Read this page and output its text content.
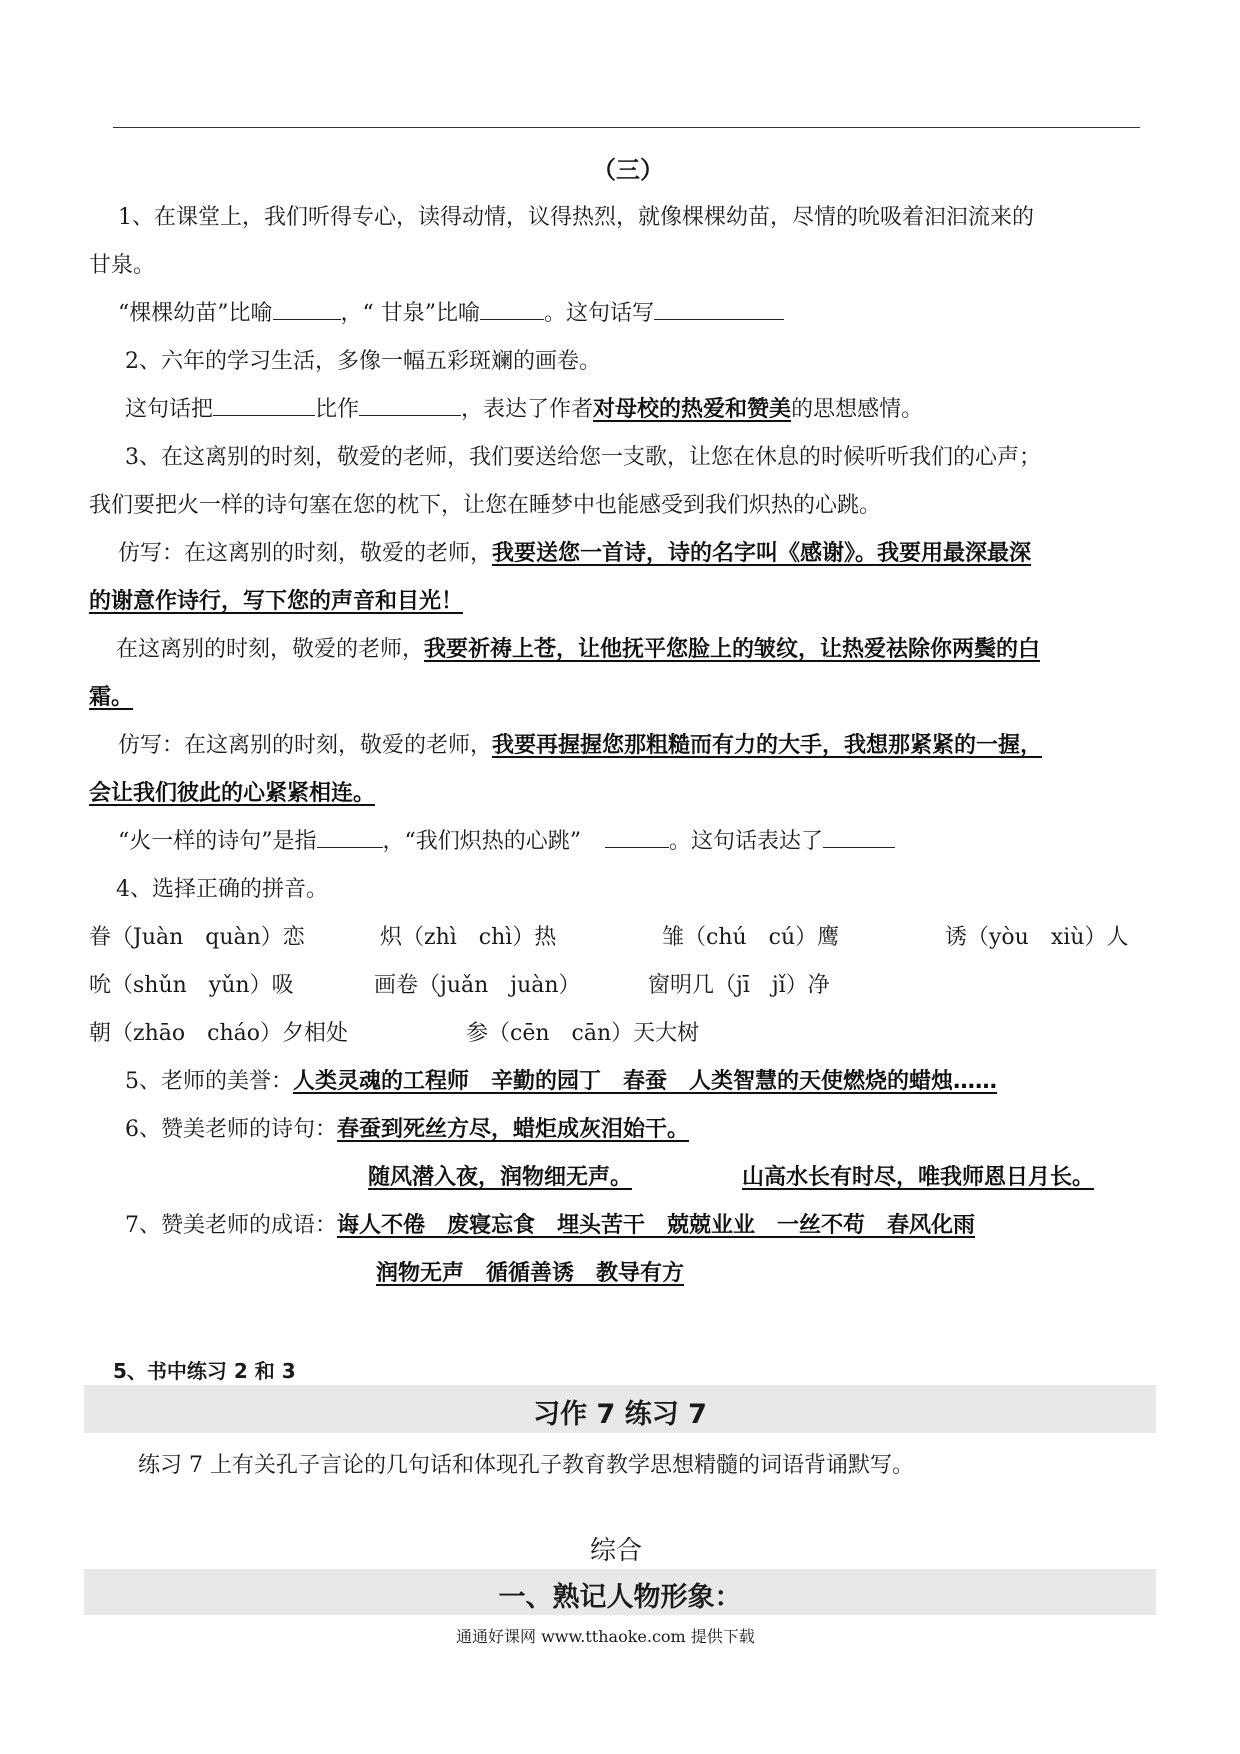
（三）
1、在课堂上，我们听得专心，读得动情，议得热烈，就像棵棵幼苗，尽情的吮吸着汩汩流来的
甘泉。
“棵棵幼苗”比喻	，“ 甘泉”比喻	。这句话写
2、六年的学习生活，多像一幅五彩斑斓的画卷。
这句话把	比作	，表达了作者对母校的热爱和赞美的思想感情。
3、在这离别的时刻，敬爱的老师，我们要送给您一支歌，让您在休息的时候听听我们的心声；
我们要把火一样的诗句塞在您的枕下，让您在睡梦中也能感受到我们炽热的心跳。
仿写：在这离别的时刻，敬爱的老师，我要送您一首诗，诗的名字叫《感谢》。我要用最深最深
的谢意作诗行，写下您的声音和目光！
在这离别的时刻，敬爱的老师，我要祈祷上苍，让他抚平您脸上的皱纹，让热爱祛除你两鬓的白
霜。
仿写：在这离别的时刻，敬爱的老师，我要再握握您那粗糙而有力的大手，我想那紧紧的一握，
会让我们彼此的心紧紧相连。
“火一样的诗句”是指	，“我们炽热的心跳”	。这句话表达了
4、选择正确的拼音。
眷（Juàn　quàn）恋	炽（zhì　chì）热	雏（chú　cú）鹰	诱（yòu　xiù）人
吮（shǔn　yǔn）吸	画卷（juǎn　juàn）	窗明几（jī　jǐ）净
朝（zhāo　cháo）夕相处	参（cēn　cān）天大树
5、老师的美誉：人类灵魂的工程师　辛勤的园丁　春蚕　人类智慧的天使燃烧的蜡烛……
6、赞美老师的诗句：春蚕到死丝方尽，蜡炬成灰泪始干。
随风潜入夜，润物细无声。	山高水长有时尽，唯我师恩日月长。
7、赞美老师的成语：诲人不倦　废寝忘食　埋头苦干　兢兢业业　一丝不苟　春风化雨
润物无声　循循善诱　教导有方
5、书中练习 2 和 3
习作 7 练习 7
练习 7 上有关孔子言论的几句话和体现孔子教育教学思想精髓的词语背诵默写。
综合
一、熟记人物形象：
通通好课网 www.tthaoke.com 提供下载
